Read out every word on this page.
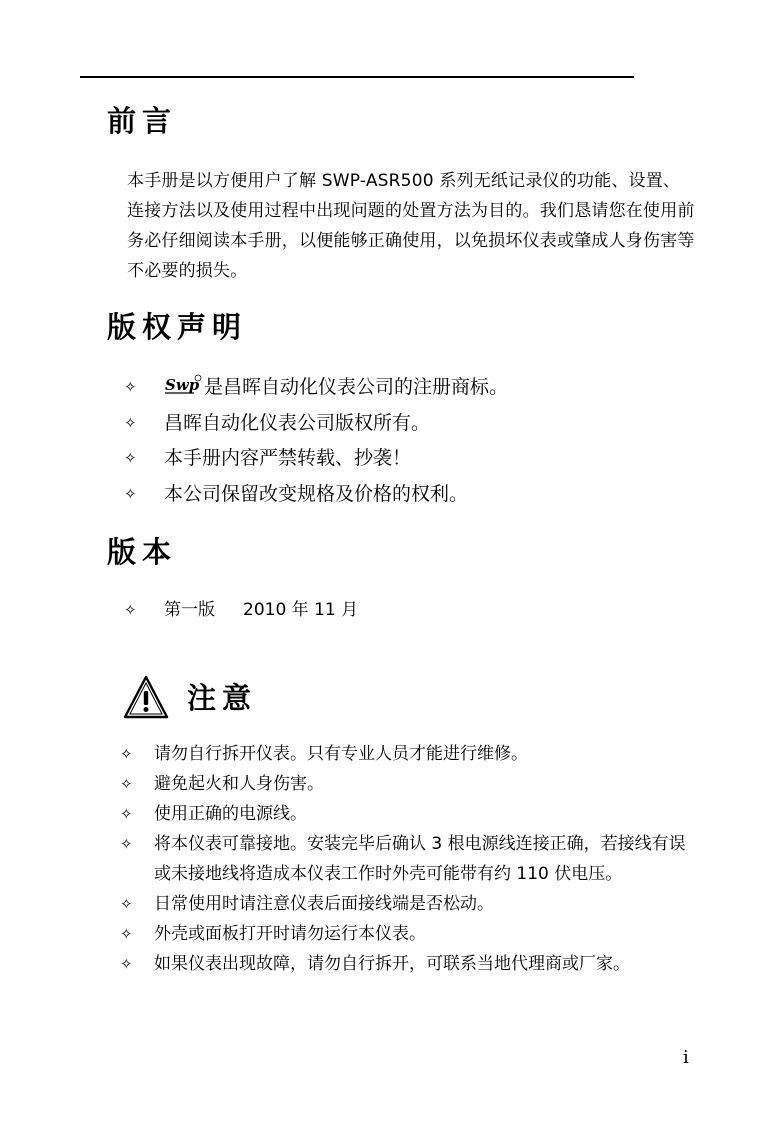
前言

本手册是以方便用户了解 SWP-ASR500 系列无纸记录仪的功能、设置、连接方法以及使用过程中出现问题的处置方法为目的。我们恳请您在使用前务必仔细阅读本手册，以便能够正确使用，以免损坏仪表或肇成人身伤害等不必要的损失。

版权声明
✧ Swp 是昌晖自动化仪表公司的注册商标。
✧ 昌晖自动化仪表公司版权所有。
✧ 本手册内容严禁转载、抄袭！
✧ 本公司保留改变规格及价格的权利。
版本
✧ 第一版 2010 年 11 月
注意
✧ 请勿自行拆开仪表。只有专业人员才能进行维修。
✧ 避免起火和人身伤害。
✧ 使用正确的电源线。
✧ 将本仪表可靠接地。安装完毕后确认 3 根电源线连接正确，若接线有误或未接地线将造成本仪表工作时外壳可能带有约 110 伏电压。
✧ 日常使用时请注意仪表后面接线端是否松动。
✧ 外壳或面板打开时请勿运行本仪表。
✧ 如果仪表出现故障，请勿自行拆开，可联系当地代理商或厂家。
i
